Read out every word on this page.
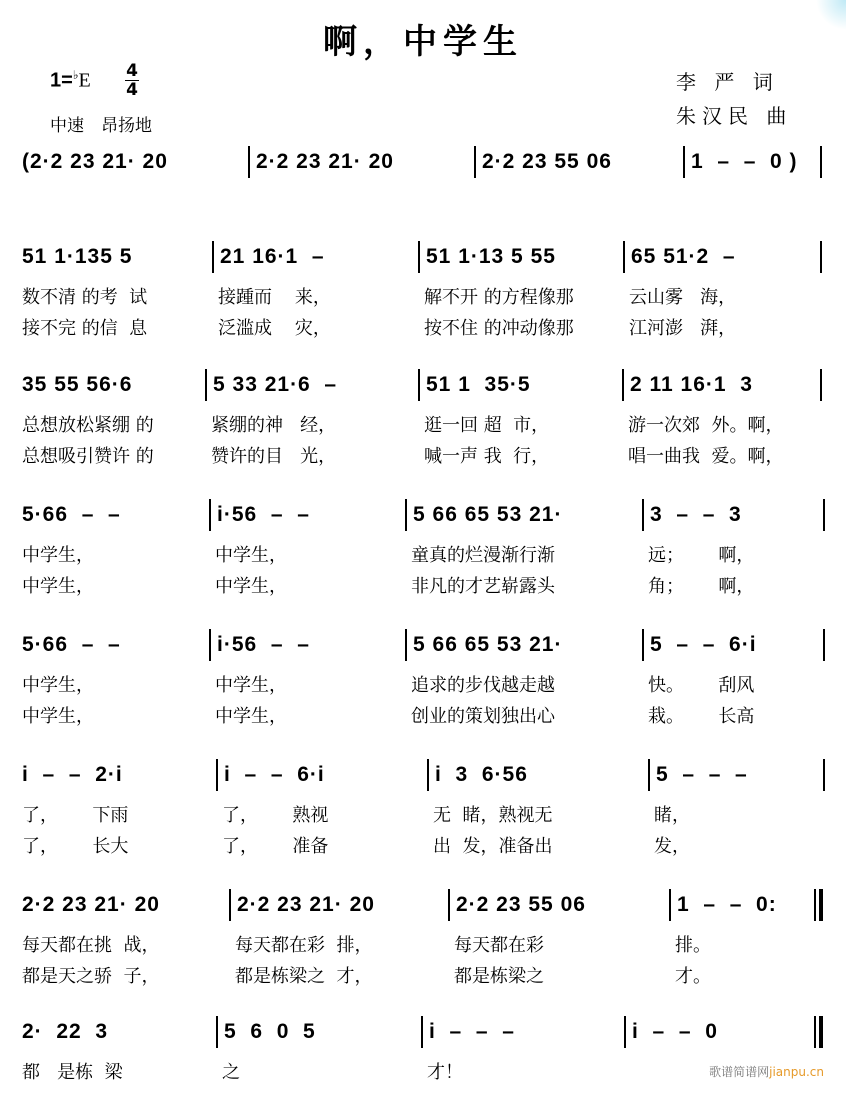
啊，中学生
$1=^♭E \frac{4}{4}$
中速　昂扬地
李 严 词
朱汉民 曲
(2·2 23 21· 20	2·2 23 21· 20	2·2 23 55 06	1  –  –  0 )
51 1·135 5	21 16·1  –	51 1·13 5 55	65 51·2  –
数不清 的考  试	接踵而    来，	解不开 的方程像那	云山雾   海，
接不完 的信  息	泛滥成    灾，	按不住 的冲动像那	江河澎   湃，
35 55 56·6	5 33 21·6  –	51 1  35·5	2 11 16·1  3
总想放松紧绷 的	紧绷的神   经，	逛一回 超  市，	游一次郊  外。啊，
总想吸引赞许 的	赞许的目   光，	喊一声 我  行，	唱一曲我  爱。啊，
5·66  –  –	i·56  –  –	5 66 65 53 21·	3  –  –  3
中学生，	中学生，	童真的烂漫渐行渐	远；      啊，
中学生，	中学生，	非凡的才艺崭露头	角；      啊，
5·66  –  –	i·56  –  –	5 66 65 53 21·	5  –  –  6·i
中学生，	中学生，	追求的步伐越走越	快。      刮风
中学生，	中学生，	创业的策划独出心	栽。      长高
i  –  –  2·i	i  –  –  6·i	i  3  6·56	5  –  –  –
了，      下雨	了，      熟视	无  睹，熟视无	睹，
了，      长大	了，      准备	出  发，准备出	发，
2·2 23 21· 20	2·2 23 21· 20	2·2 23 55 06	1  –  –  0:
每天都在挑  战，	每天都在彩  排，	每天都在彩	排。
都是天之骄  子，	都是栋梁之  才，	都是栋梁之	才。
2·  22  3	5  6  0  5	i  –  –  –	i  –  –  0
都   是栋  梁	之	才！	歌谱简谱网jianpu.cn
